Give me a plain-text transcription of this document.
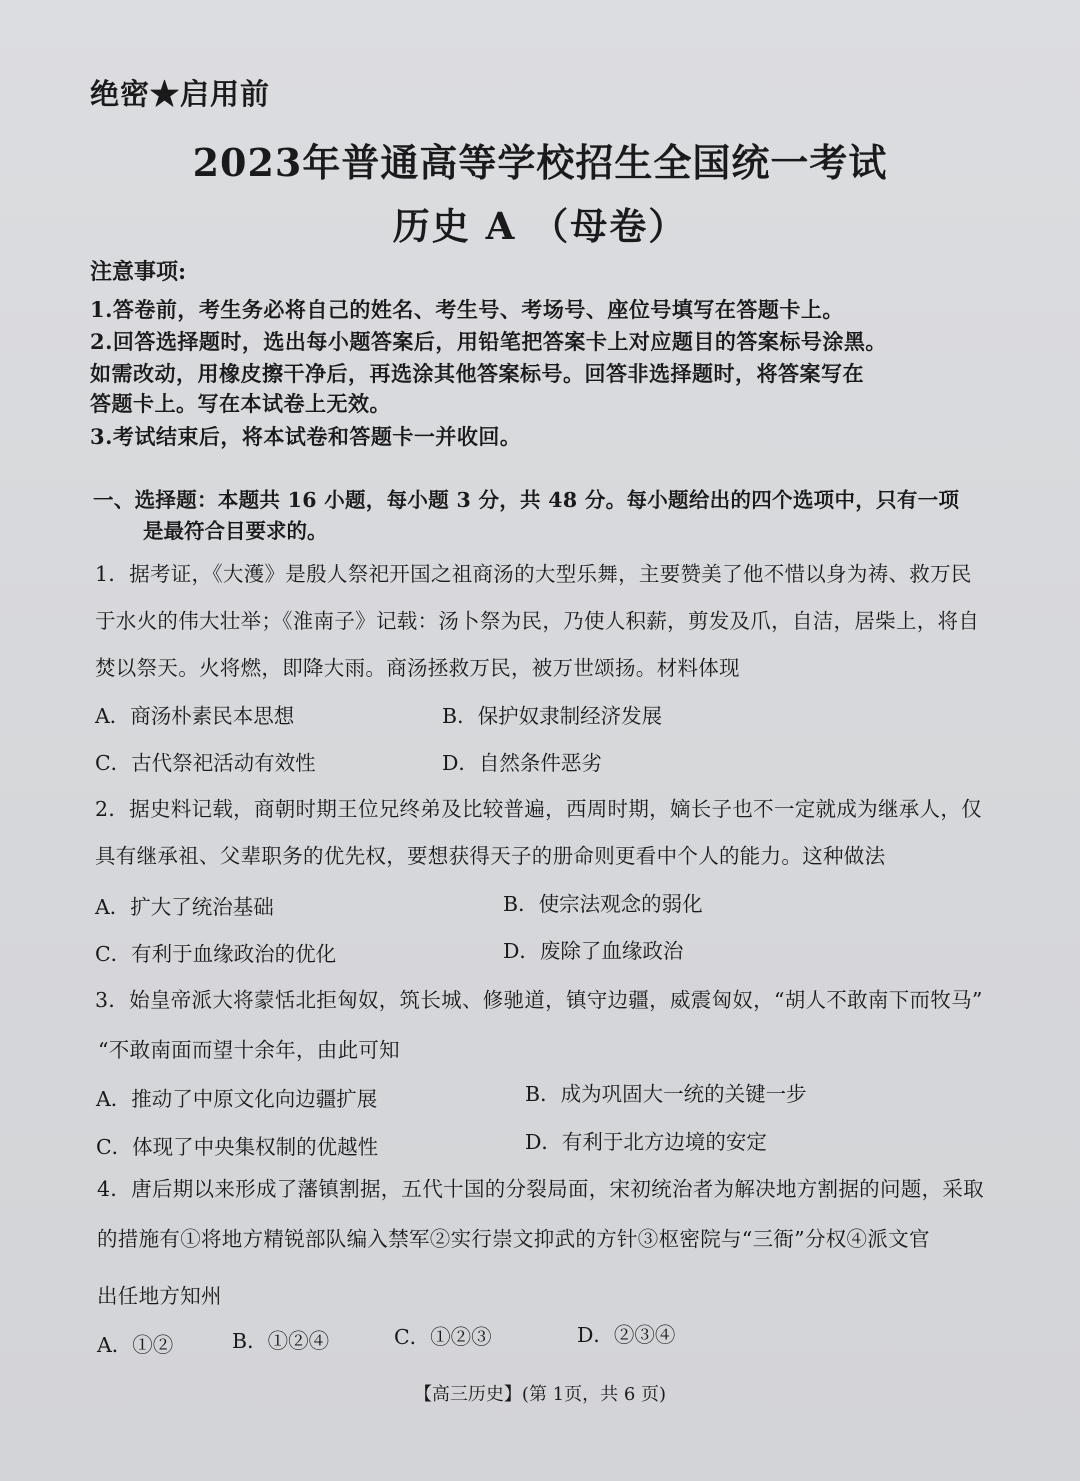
绝密★启用前
2023年普通高等学校招生全国统一考试
历史 A （母卷）
注意事项:
1.答卷前，考生务必将自己的姓名、考生号、考场号、座位号填写在答题卡上。
2.回答选择题时，选出每小题答案后，用铅笔把答案卡上对应题目的答案标号涂黑。
如需改动，用橡皮擦干净后，再选涂其他答案标号。回答非选择题时，将答案写在
答题卡上。写在本试卷上无效。
3.考试结束后，将本试卷和答题卡一并收回。
一、选择题：本题共 16 小题，每小题 3 分，共 48 分。每小题给出的四个选项中，只有一项
是最符合目要求的。
1．据考证，《大濩》是殷人祭祀开国之祖商汤的大型乐舞，主要赞美了他不惜以身为祷、救万民
于水火的伟大壮举；《淮南子》记载：汤卜祭为民，乃使人积薪，剪发及爪，自洁，居柴上，将自
焚以祭天。火将燃，即降大雨。商汤拯救万民，被万世颂扬。材料体现
A．商汤朴素民本思想	B．保护奴隶制经济发展
C．古代祭祀活动有效性	D．自然条件恶劣
2．据史料记载，商朝时期王位兄终弟及比较普遍，西周时期，嫡长子也不一定就成为继承人，仅
具有继承祖、父辈职务的优先权，要想获得天子的册命则更看中个人的能力。这种做法
A．扩大了统治基础	B．使宗法观念的弱化
C．有利于血缘政治的优化	D．废除了血缘政治
3．始皇帝派大将蒙恬北拒匈奴，筑长城、修驰道，镇守边疆，威震匈奴，“胡人不敢南下而牧马”
“不敢南面而望十余年，由此可知
A．推动了中原文化向边疆扩展	B．成为巩固大一统的关键一步
C．体现了中央集权制的优越性	D．有利于北方边境的安定
4．唐后期以来形成了藩镇割据，五代十国的分裂局面，宋初统治者为解决地方割据的问题，采取
的措施有①将地方精锐部队编入禁军②实行崇文抑武的方针③枢密院与“三衙”分权④派文官
出任地方知州
A．①②	B．①②④	C．①②③	D．②③④
【高三历史】(第 1页，共 6 页)
